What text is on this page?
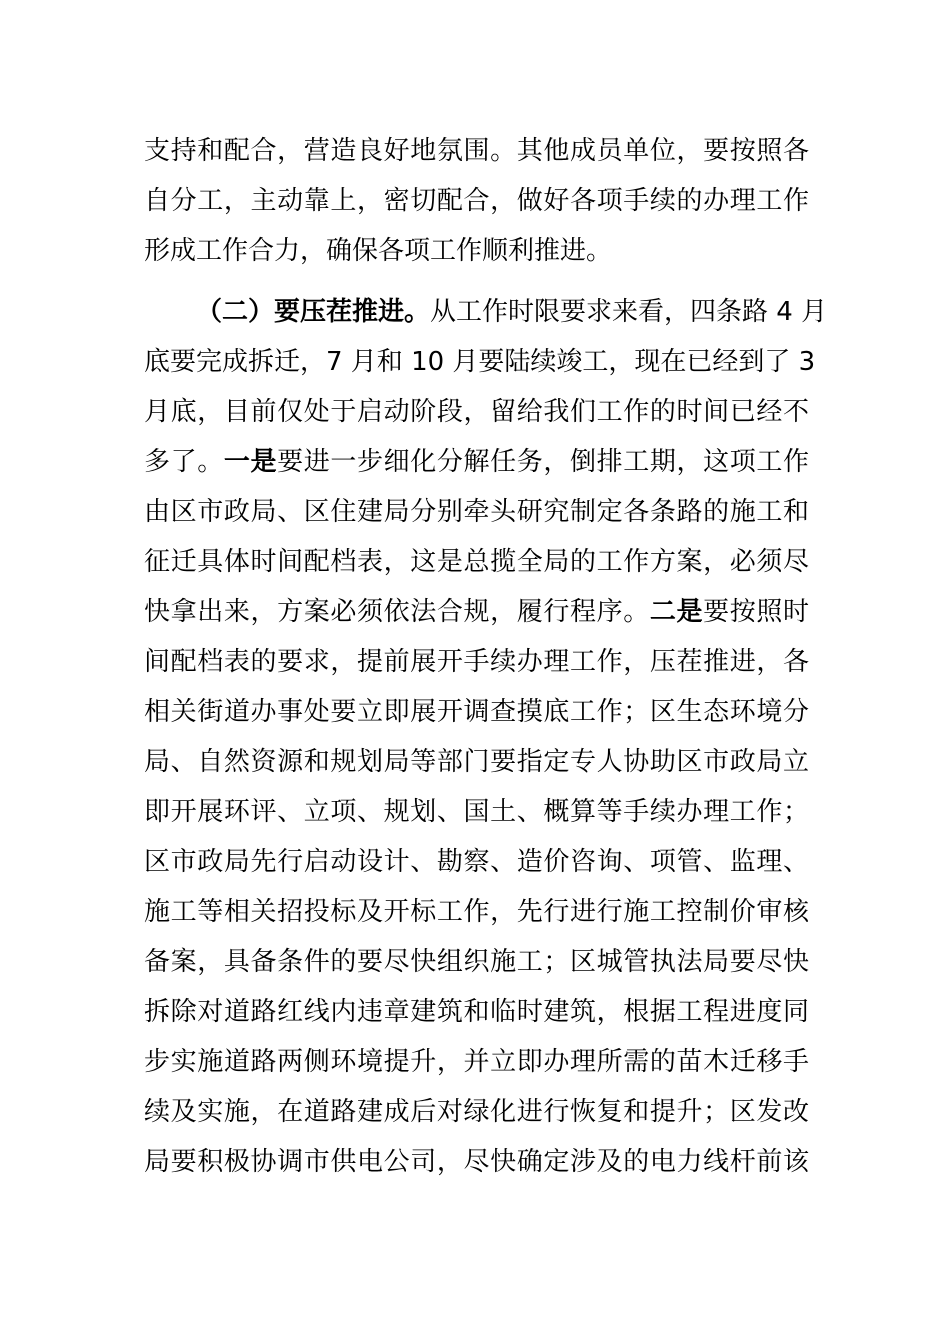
支持和配合，营造良好地氛围。其他成员单位，要按照各
自分工，主动靠上，密切配合，做好各项手续的办理工作
形成工作合力，确保各项工作顺利推进。
（二）要压茬推进。从工作时限要求来看，四条路 4 月
底要完成拆迁，7 月和 10 月要陆续竣工，现在已经到了 3
月底，目前仅处于启动阶段，留给我们工作的时间已经不
多了。一是要进一步细化分解任务，倒排工期，这项工作
由区市政局、区住建局分别牵头研究制定各条路的施工和
征迁具体时间配档表，这是总揽全局的工作方案，必须尽
快拿出来，方案必须依法合规，履行程序。二是要按照时
间配档表的要求，提前展开手续办理工作，压茬推进，各
相关街道办事处要立即展开调查摸底工作；区生态环境分
局、自然资源和规划局等部门要指定专人协助区市政局立
即开展环评、立项、规划、国土、概算等手续办理工作；
区市政局先行启动设计、勘察、造价咨询、项管、监理、
施工等相关招投标及开标工作，先行进行施工控制价审核
备案，具备条件的要尽快组织施工；区城管执法局要尽快
拆除对道路红线内违章建筑和临时建筑，根据工程进度同
步实施道路两侧环境提升，并立即办理所需的苗木迁移手
续及实施，在道路建成后对绿化进行恢复和提升；区发改
局要积极协调市供电公司，尽快确定涉及的电力线杆前该
